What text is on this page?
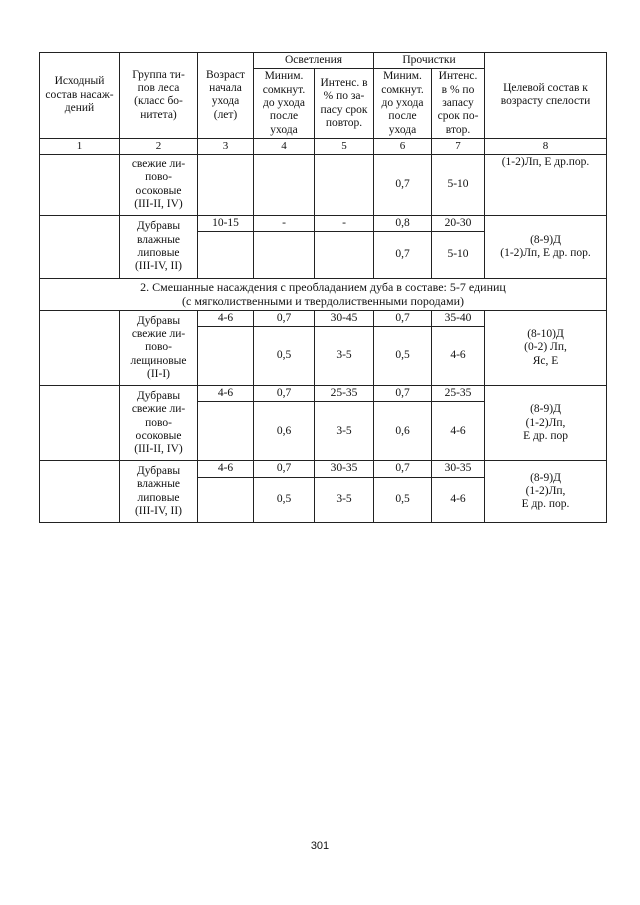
Исходный
состав насаж-
дений	Группа ти-
пов леса
(класс бо-
нитета)	Возраст
начала
ухода
(лет)	Осветления		Прочистки		Целевой состав к
возрасту спелости
			Миним.
сомкнут.
до ухода
после
ухода	Интенс. в
% по за-
пасу срок
повтор.	Миним.
сомкнут.
до ухода
после
ухода	Интенс.
в % по
запасу
срок по-
втор.	
1	2	3	4	5	6	7	8
	свежие ли-
пово-
осоковые
(III-II, IV)				0,7	5-10	(1-2)Лп, Е др.пор.
	Дубравы
влажные
липовые
(III-IV, II)	10-15	-	-	0,8	20-30	(8-9)Д
(1-2)Лп, Е др. пор.
					0,7	5-10	
2. Смешанные насаждения с преобладанием дуба в составе: 5-7 единиц
(с мягколиственными и твердолиственными породами)							
	Дубравы
свежие ли-
пово-
лещиновые
(II-I)	4-6	0,7	30-45	0,7	35-40	(8-10)Д
(0-2) Лп,
Яс, Е
			0,5	3-5	0,5	4-6	
	Дубравы
свежие ли-
пово-
осоковые
(III-II, IV)	4-6	0,7	25-35	0,7	25-35	(8-9)Д
(1-2)Лп,
Е др. пор
			0,6	3-5	0,6	4-6	
	Дубравы
влажные
липовые
(III-IV, II)	4-6	0,7	30-35	0,7	30-35	(8-9)Д
(1-2)Лп,
Е др. пор.
			0,5	3-5	0,5	4-6	
301
